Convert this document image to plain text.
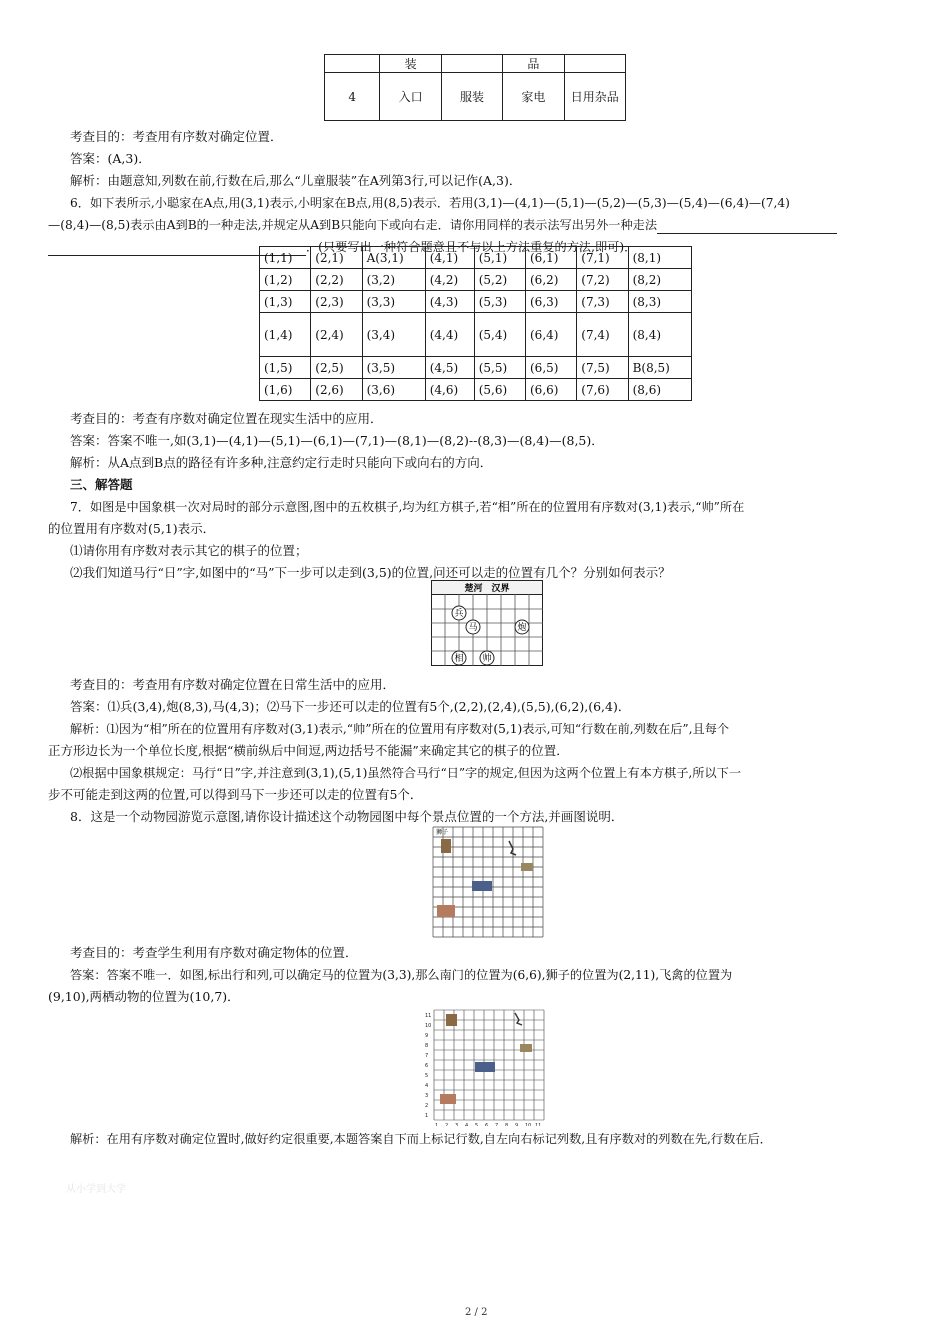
	装		品	
4	入口	服装	家电	日用杂品
考查目的：考查用有序数对确定位置．
答案：(A,3)．
解析：由题意知,列数在前,行数在后,那么“儿童服装”在A列第3行,可以记作(A,3)．
6．如下表所示,小聪家在A点,用(3,1)表示,小明家在B点,用(8,5)表示．若用(3,1)—(4,1)—(5,1)—(5,2)—(5,3)—(5,4)—(6,4)—(7,4)
—(8,4)—(8,5)表示由A到B的一种走法,并规定从A到B只能向下或向右走．请你用同样的表示法写出另外一种走法
．(只要写出一种符合题意且不与以上方法重复的方法,即可)．
(1,1)	(2,1)	A(3,1)	(4,1)	(5,1)	(6,1)	(7,1)	(8,1)
(1,2)	(2,2)	(3,2)	(4,2)	(5,2)	(6,2)	(7,2)	(8,2)
(1,3)	(2,3)	(3,3)	(4,3)	(5,3)	(6,3)	(7,3)	(8,3)
(1,4)	(2,4)	(3,4)	(4,4)	(5,4)	(6,4)	(7,4)	(8,4)
(1,5)	(2,5)	(3,5)	(4,5)	(5,5)	(6,5)	(7,5)	B(8,5)
(1,6)	(2,6)	(3,6)	(4,6)	(5,6)	(6,6)	(7,6)	(8,6)
考查目的：考查有序数对确定位置在现实生活中的应用．
答案：答案不唯一,如(3,1)—(4,1)—(5,1)—(6,1)—(7,1)—(8,1)—(8,2)--(8,3)—(8,4)—(8,5)．
解析：从A点到B点的路径有许多种,注意约定行走时只能向下或向右的方向．
三、解答题
7．如图是中国象棋一次对局时的部分示意图,图中的五枚棋子,均为红方棋子,若“相”所在的位置用有序数对(3,1)表示,“帅”所在
的位置用有序数对(5,1)表示．
⑴请你用有序数对表示其它的棋子的位置；
⑵我们知道马行“日”字,如图中的“马”下一步可以走到(3,5)的位置,问还可以走的位置有几个？分别如何表示？
楚河　汉界
兵
马	炮
相 帅
考查目的：考查用有序数对确定位置在日常生活中的应用．
答案：⑴兵(3,4),炮(8,3),马(4,3)；⑵马下一步还可以走的位置有5个,(2,2),(2,4),(5,5),(6,2),(6,4)．
解析：⑴因为“相”所在的位置用有序数对(3,1)表示,“帅”所在的位置用有序数对(5,1)表示,可知“行数在前,列数在后”,且每个
正方形边长为一个单位长度,根据“横前纵后中间逗,两边括号不能漏”来确定其它的棋子的位置．
⑵根据中国象棋规定：马行“日”字,并注意到(3,1),(5,1)虽然符合马行“日”字的规定,但因为这两个位置上有本方棋子,所以下一
步不可能走到这两的位置,可以得到马下一步还可以走的位置有5个．
8．这是一个动物园游览示意图,请你设计描述这个动物园图中每个景点位置的一个方法,并画图说明．
狮子
考查目的：考查学生利用有序数对确定物体的位置．
答案：答案不唯一．如图,标出行和列,可以确定马的位置为(3,3),那么南门的位置为(6,6),狮子的位置为(2,11),飞禽的位置为
(9,10),两栖动物的位置为(10,7)．
1 2 3 4 5 6 7 8 9 10 11
11
10
9
8
7
6
5
4
3
2
1
解析：在用有序数对确定位置时,做好约定很重要,本题答案自下而上标记行数,自左向右标记列数,且有序数对的列数在先,行数在后．
从小学到大学
2 / 2
